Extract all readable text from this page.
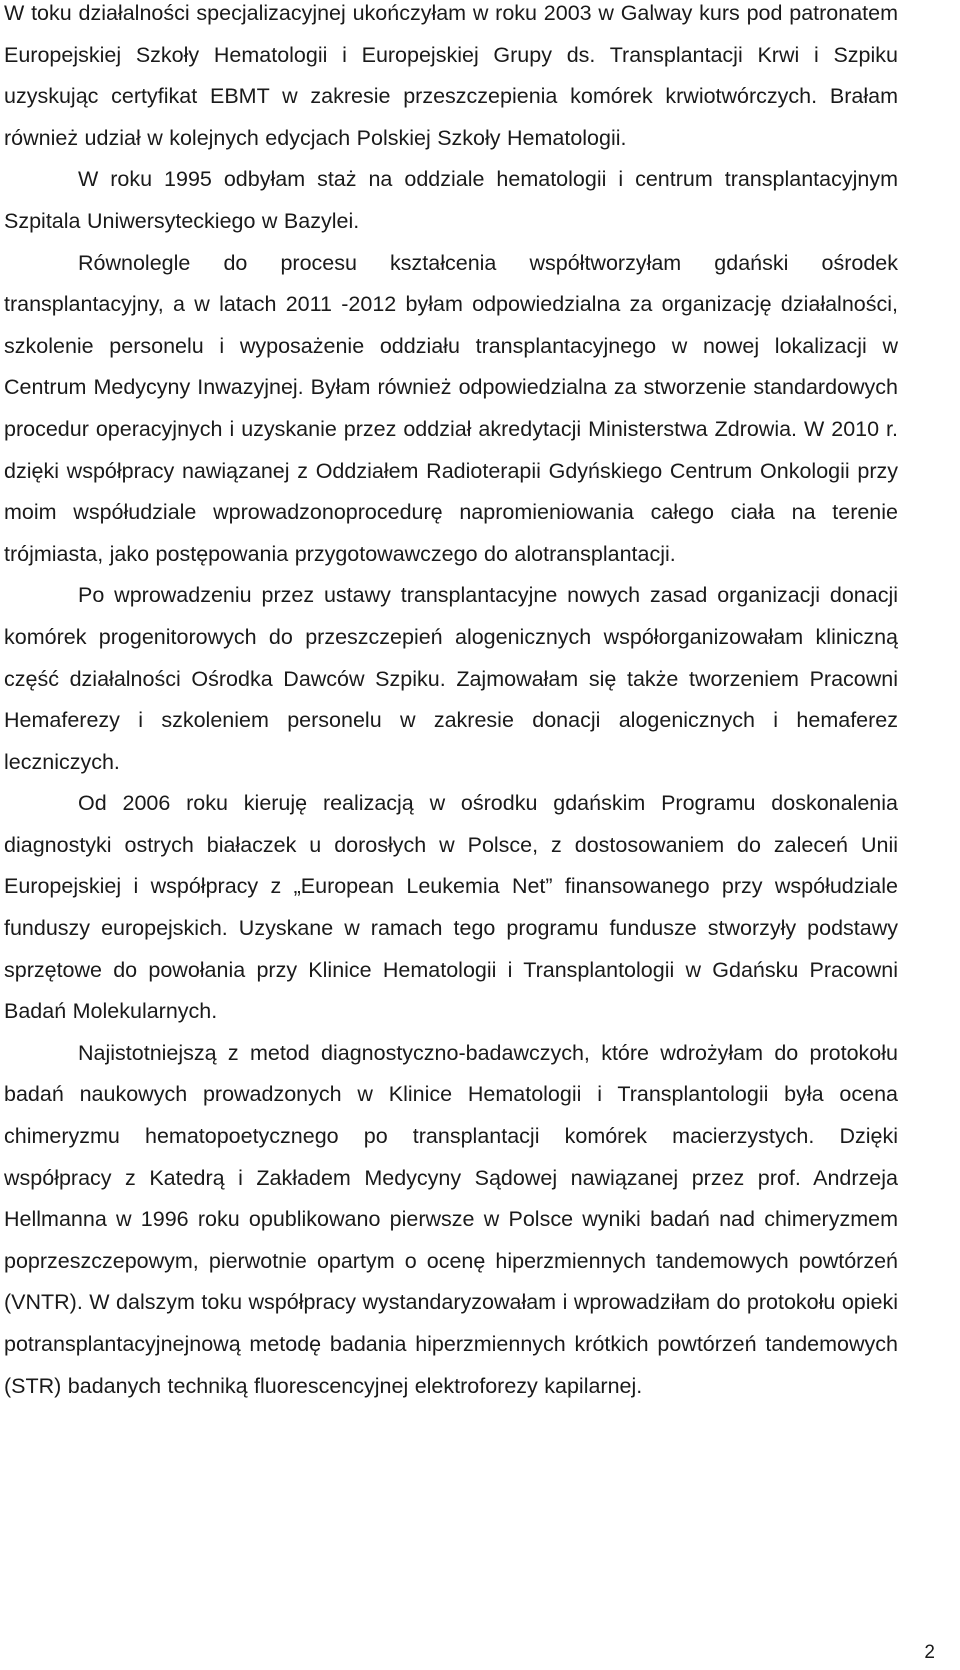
W toku działalności specjalizacyjnej ukończyłam w roku 2003 w Galway kurs pod patronatem Europejskiej Szkoły Hematologii i Europejskiej Grupy ds. Transplantacji Krwi i Szpiku uzyskując certyfikat EBMT w zakresie przeszczepienia komórek krwiotwórczych. Brałam również udział w kolejnych edycjach Polskiej Szkoły Hematologii.

W roku 1995 odbyłam staż na oddziale hematologii i centrum transplantacyjnym Szpitala Uniwersyteckiego w Bazylei.

Równolegle do procesu kształcenia współtworzyłam gdański ośrodek transplantacyjny, a w latach 2011 -2012 byłam odpowiedzialna za organizację działalności, szkolenie personelu i wyposażenie oddziału transplantacyjnego w nowej lokalizacji w Centrum Medycyny Inwazyjnej. Byłam również odpowiedzialna za stworzenie standardowych procedur operacyjnych i uzyskanie przez oddział akredytacji Ministerstwa Zdrowia. W 2010 r. dzięki współpracy nawiązanej z Oddziałem Radioterapii Gdyńskiego Centrum Onkologii przy moim współudziale wprowadzonoprocedurę napromieniowania całego ciała na terenie trójmiasta, jako postępowania przygotowawczego do alotransplantacji.

Po wprowadzeniu przez ustawy transplantacyjne nowych zasad organizacji donacji komórek progenitorowych do przeszczepień alogenicznych współorganizowałam kliniczną część działalności Ośrodka Dawców Szpiku. Zajmowałam się także tworzeniem Pracowni Hemaferezy i szkoleniem personelu w zakresie donacji alogenicznych i hemaferez leczniczych.

Od 2006 roku kieruję realizacją w ośrodku gdańskim Programu doskonalenia diagnostyki ostrych białaczek u dorosłych w Polsce, z dostosowaniem do zaleceń Unii Europejskiej i współpracy z „European Leukemia Net” finansowanego przy współudziale funduszy europejskich. Uzyskane w ramach tego programu fundusze stworzyły podstawy sprzętowe do powołania przy Klinice Hematologii i Transplantologii w Gdańsku Pracowni Badań Molekularnych.

Najistotniejszą z metod diagnostyczno-badawczych, które wdrożyłam do protokołu badań naukowych prowadzonych w Klinice Hematologii i Transplantologii była ocena chimeryzmu hematopoetycznego po transplantacji komórek macierzystych. Dzięki współpracy z Katedrą i Zakładem Medycyny Sądowej nawiązanej przez prof. Andrzeja Hellmanna w 1996 roku opublikowano pierwsze w Polsce wyniki badań nad chimeryzmem poprzeszczepowym, pierwotnie opartym o ocenę hiperzmiennych tandemowych powtórzeń (VNTR). W dalszym toku współpracy wystandaryzowałam i wprowadziłam do protokołu opieki potransplantacyjnejnową metodę badania hiperzmiennych krótkich powtórzeń tandemowych (STR) badanych techniką fluorescencyjnej elektroforezy kapilarnej.

2
